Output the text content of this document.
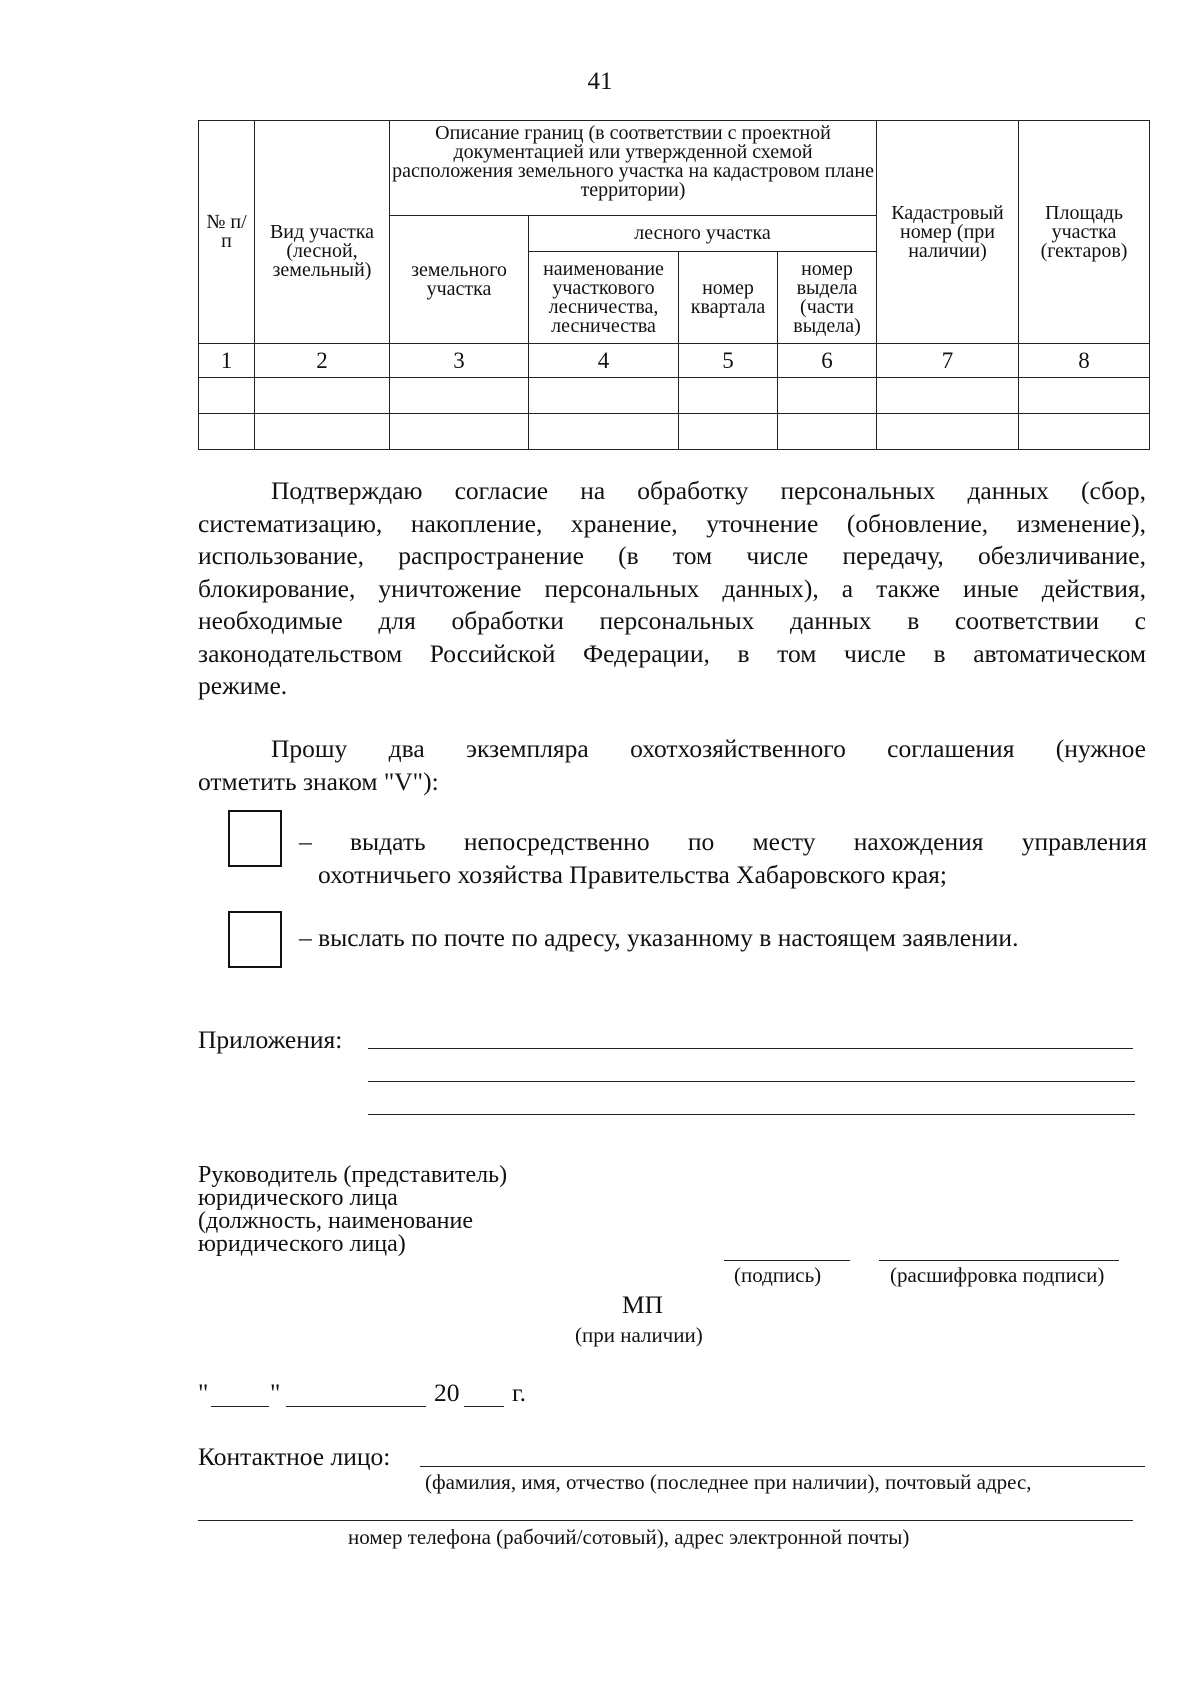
41
№ п/п	Вид участка (лесной, земельный)	Описание границ (в соответствии с проектной документацией или утвержденной схемой расположения земельного участка на кадастровом плане территории)				Кадастровый номер (при наличии)	Площадь участка (гектаров)
		земельного участка	лесного участка				
			наименование участкового лесничества, лесничества	номер квартала	номер выдела (части выдела)		
1	2	3	4	5	6	7	8

Подтверждаю согласие на обработку персональных данных (сбор,
систематизацию, накопление, хранение, уточнение (обновление, изменение),
использование, распространение (в том числе передачу, обезличивание,
блокирование, уничтожение персональных данных), а также иные действия,
необходимые для обработки персональных данных в соответствии с
законодательством Российской Федерации, в том числе в автоматическом
режиме.
Прошу два экземпляра охотхозяйственного соглашения (нужное
отметить знаком "V"):
– выдать непосредственно по месту нахождения управления
охотничьего хозяйства Правительства Хабаровского края;
– выслать по почте по адресу, указанному в настоящем заявлении.
Приложения:
Руководитель (представитель)
юридического лица
(должность, наименование
юридического лица)
(подпись)	(расшифровка подписи)
МП
(при наличии)
" "	20 г.
Контактное лицо:
(фамилия, имя, отчество (последнее при наличии), почтовый адрес,
номер телефона (рабочий/сотовый), адрес электронной почты)
